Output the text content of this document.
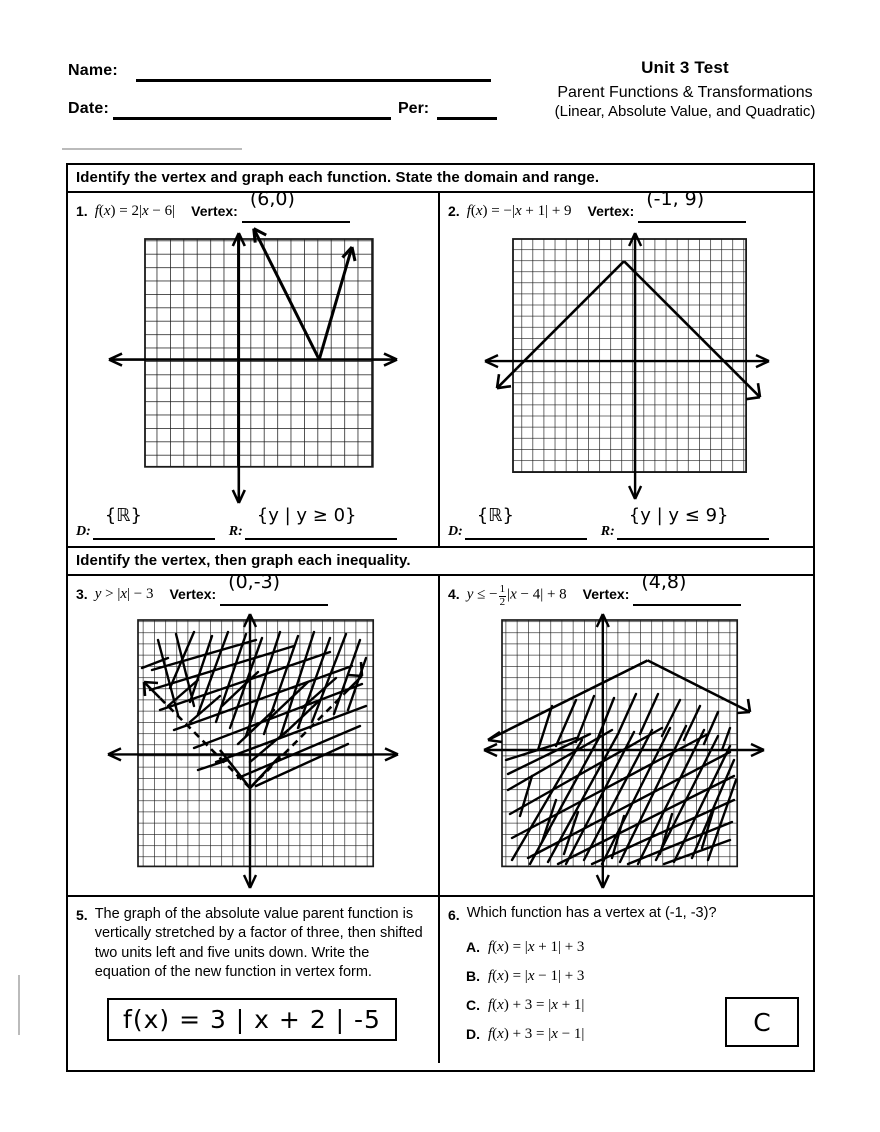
Name:
Date:	Per:
Unit 3 Test
Parent Functions & Transformations
(Linear, Absolute Value, and Quadratic)
Identify the vertex and graph each function. State the domain and range.
1. f(x) = 2|x − 6| Vertex:
(6,0)
D:
{ℝ}
R:
{y | y ≥ 0}
2. f(x) = −|x + 1| + 9 Vertex:
(-1, 9)
D:
{ℝ}
R:
{y | y ≤ 9}
Identify the vertex, then graph each inequality.
3. y > |x| − 3 Vertex:
(0,-3)
4. y ≤ − $\frac{1}{2} |x - 4| + 8$ Vertex:
(4,8)
5. The graph of the absolute value parent function is vertically stretched by a factor of three, then shifted two units left and five units down. Write the equation of the new function in vertex form.
f(x) = 3 | x + 2 | -5
6. Which function has a vertex at (-1, -3)?
A. f(x) = |x + 1| + 3
B. f(x) = |x − 1| + 3
C. f(x) + 3 = |x + 1|
D. f(x) + 3 = |x − 1|	C
